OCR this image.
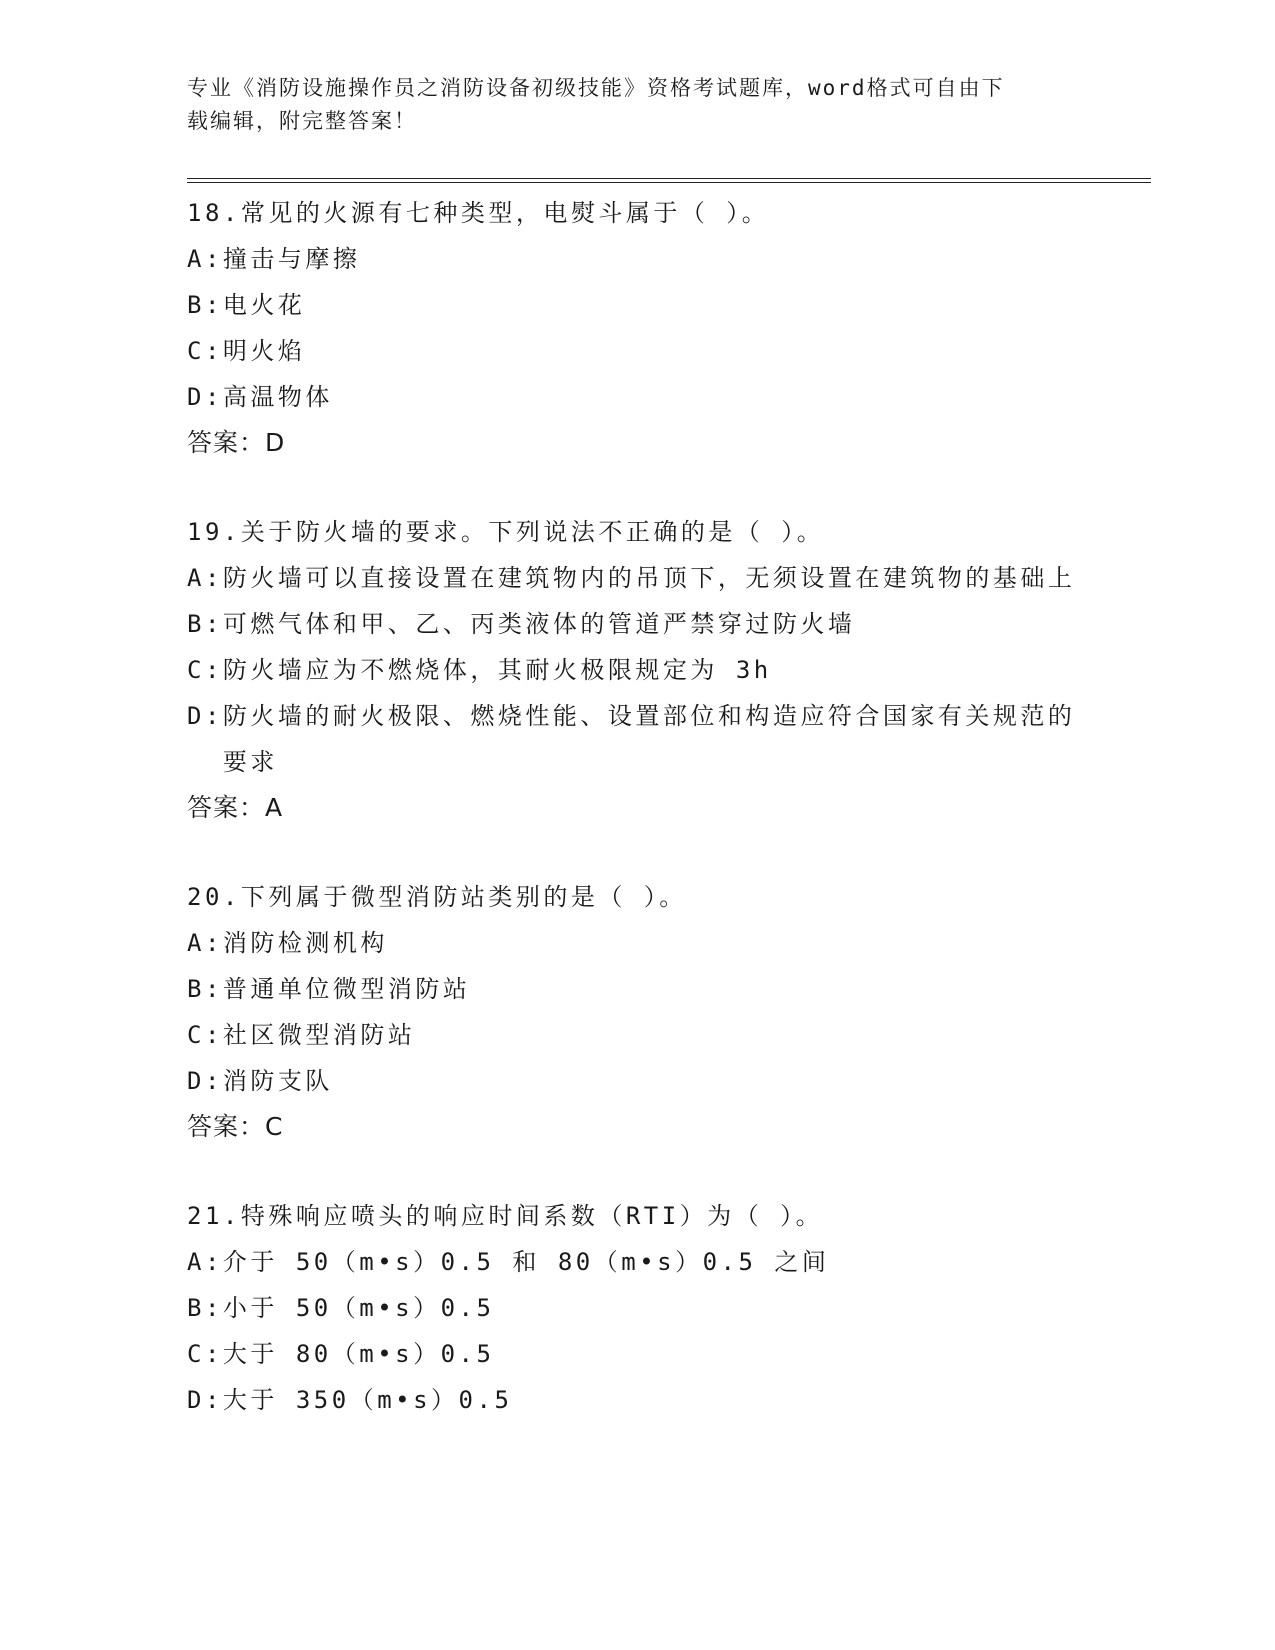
专业《消防设施操作员之消防设备初级技能》资格考试题库，word格式可自由下
载编辑，附完整答案！
18.常见的火源有七种类型，电熨斗属于（ ）。
A: 撞击与摩擦
B: 电火花
C: 明火焰
D: 高温物体
答案：D
19.关于防火墙的要求。下列说法不正确的是（ ）。
A: 防火墙可以直接设置在建筑物内的吊顶下，无须设置在建筑物的基础上
B: 可燃气体和甲、乙、丙类液体的管道严禁穿过防火墙
C: 防火墙应为不燃烧体，其耐火极限规定为 3h
D: 防火墙的耐火极限、燃烧性能、设置部位和构造应符合国家有关规范的要求
答案：A
20.下列属于微型消防站类别的是（ ）。
A: 消防检测机构
B: 普通单位微型消防站
C: 社区微型消防站
D: 消防支队
答案：C
21.特殊响应喷头的响应时间系数（RTI）为（ ）。
A: 介于 50（m•s）0.5 和 80（m•s）0.5 之间
B: 小于 50（m•s）0.5
C: 大于 80（m•s）0.5
D: 大于 350（m•s）0.5
